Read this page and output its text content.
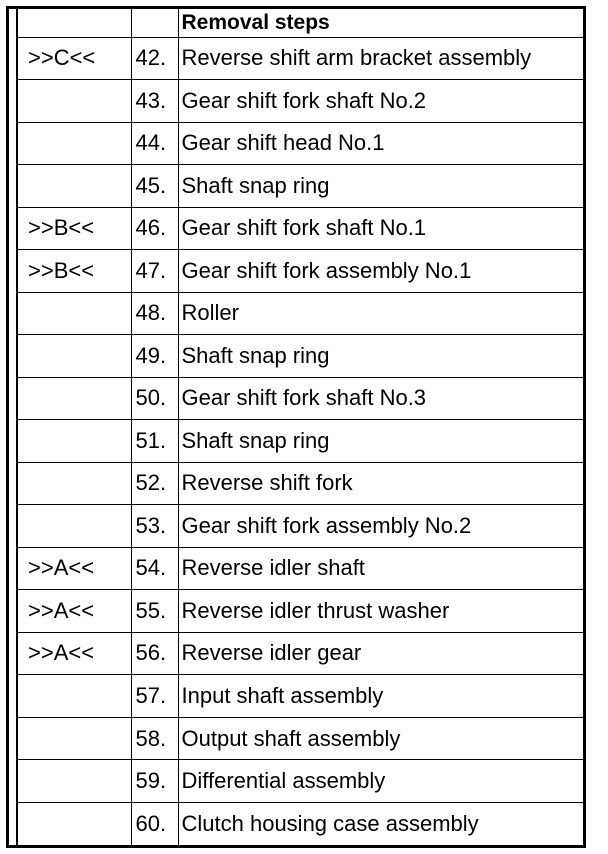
		Removal steps
>>C<<	42.	Reverse shift arm bracket assembly
	43.	Gear shift fork shaft No.2
	44.	Gear shift head No.1
	45.	Shaft snap ring
>>B<<	46.	Gear shift fork shaft No.1
>>B<<	47.	Gear shift fork assembly No.1
	48.	Roller
	49.	Shaft snap ring
	50.	Gear shift fork shaft No.3
	51.	Shaft snap ring
	52.	Reverse shift fork
	53.	Gear shift fork assembly No.2
>>A<<	54.	Reverse idler shaft
>>A<<	55.	Reverse idler thrust washer
>>A<<	56.	Reverse idler gear
	57.	Input shaft assembly
	58.	Output shaft assembly
	59.	Differential assembly
	60.	Clutch housing case assembly
